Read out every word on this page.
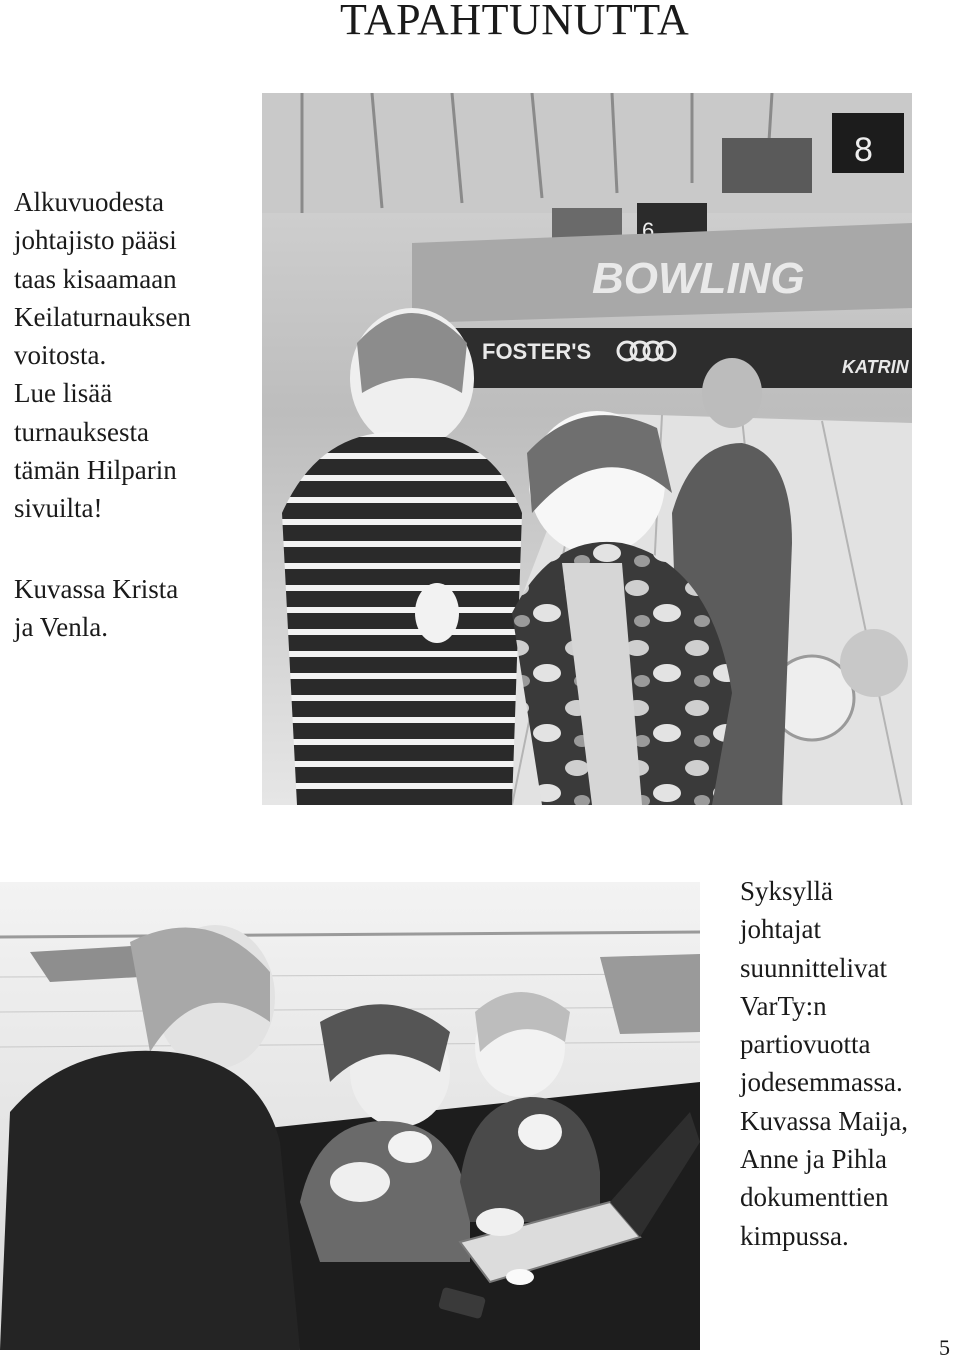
TAPAHTUNUTTA

Alkuvuodesta
johtajisto pääsi
taas kisaamaan
Keilaturnauksen
voitosta.
Lue lisää
turnauksesta
tämän Hilparin
sivuilta!

Kuvassa Krista
ja Venla.

8
6
BOWLING
FOSTER'S
KATRIN

Syksyllä
johtajat
suunnittelivat
VarTy:n
partiovuotta
jodesemmassa.
Kuvassa Maija,
Anne ja Pihla
dokumenttien
kimpussa.

5
